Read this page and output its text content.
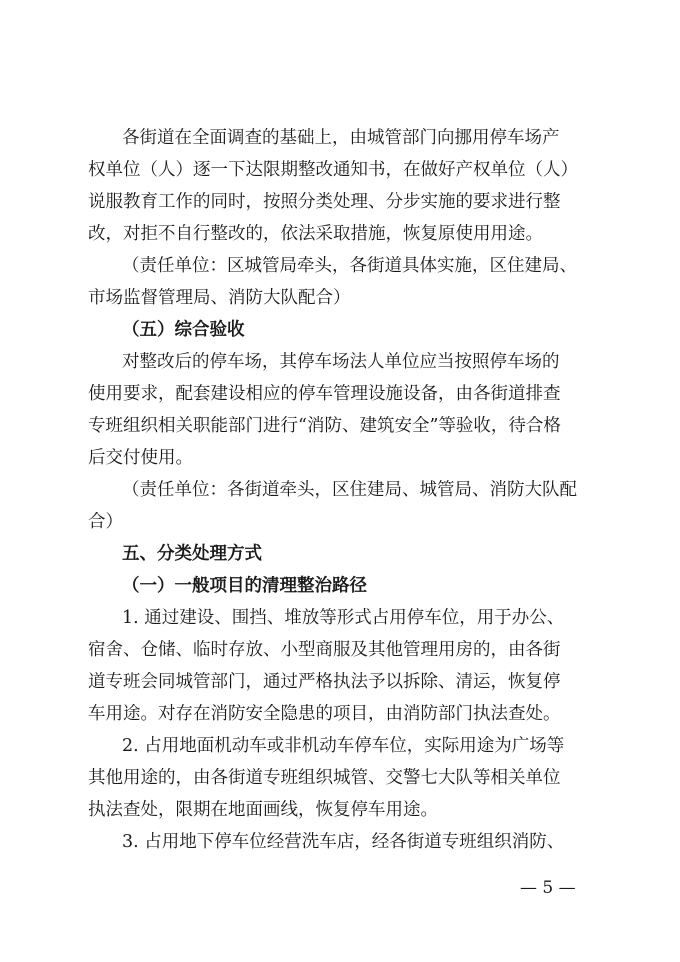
各街道在全面调查的基础上，由城管部门向挪用停车场产
权单位（人）逐一下达限期整改通知书，在做好产权单位（人）
说服教育工作的同时，按照分类处理、分步实施的要求进行整
改，对拒不自行整改的，依法采取措施，恢复原使用用途。
（责任单位：区城管局牵头，各街道具体实施，区住建局、
市场监督管理局、消防大队配合）
（五）综合验收
对整改后的停车场，其停车场法人单位应当按照停车场的
使用要求，配套建设相应的停车管理设施设备，由各街道排查
专班组织相关职能部门进行“消防、建筑安全”等验收，待合格
后交付使用。
（责任单位：各街道牵头，区住建局、城管局、消防大队配
合）
五、分类处理方式
（一）一般项目的清理整治路径
1. 通过建设、围挡、堆放等形式占用停车位，用于办公、
宿舍、仓储、临时存放、小型商服及其他管理用房的，由各街
道专班会同城管部门，通过严格执法予以拆除、清运，恢复停
车用途。对存在消防安全隐患的项目，由消防部门执法查处。
2. 占用地面机动车或非机动车停车位，实际用途为广场等
其他用途的，由各街道专班组织城管、交警七大队等相关单位
执法查处，限期在地面画线，恢复停车用途。
3. 占用地下停车位经营洗车店，经各街道专班组织消防、
— 5 —
